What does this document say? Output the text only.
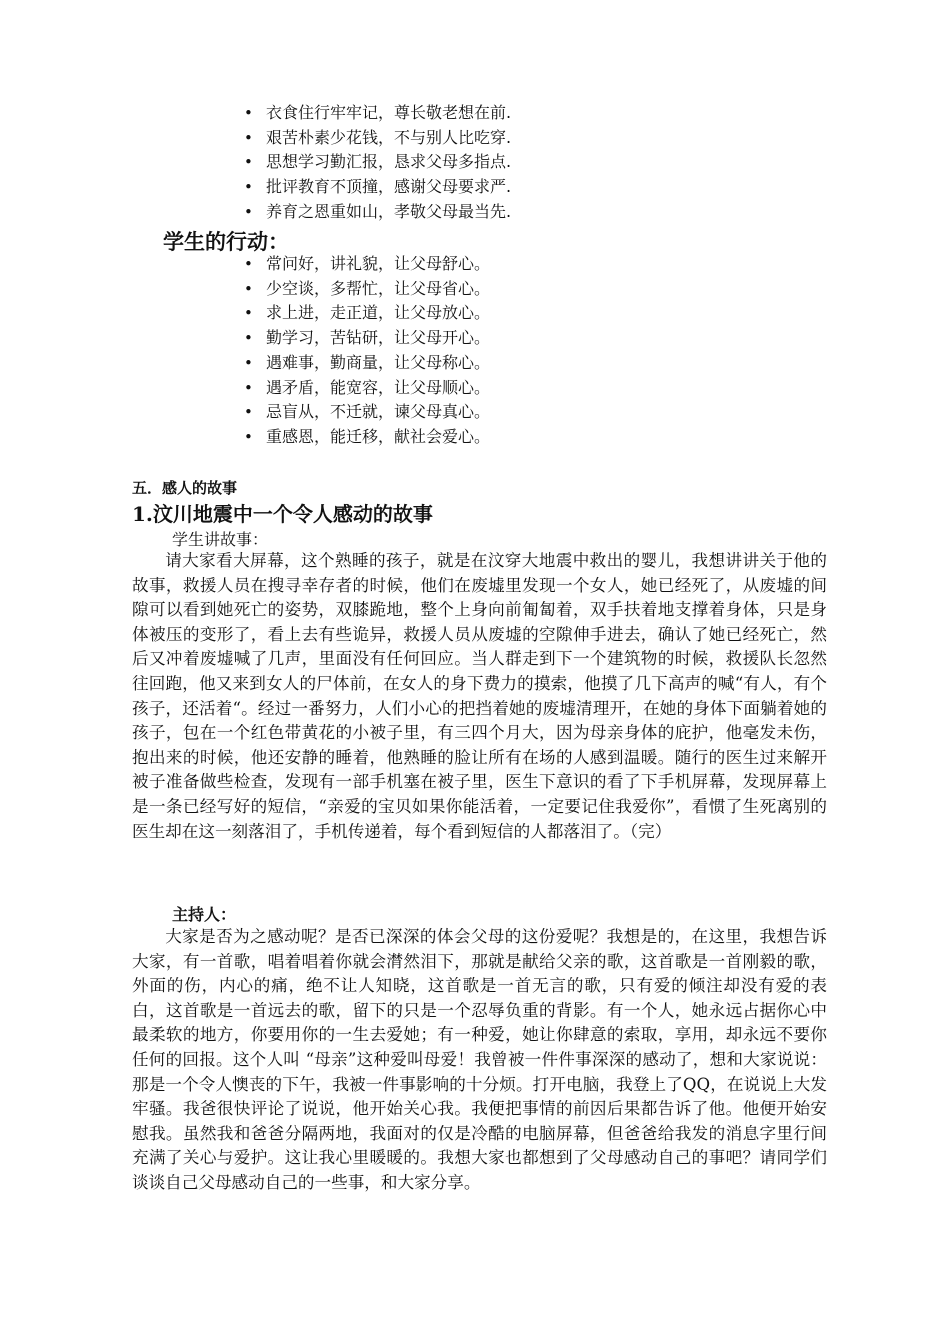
• 衣食住行牢牢记，尊长敬老想在前.
• 艰苦朴素少花钱，不与别人比吃穿.
• 思想学习勤汇报，恳求父母多指点.
• 批评教育不顶撞，感谢父母要求严.
• 养育之恩重如山，孝敬父母最当先.
学生的行动：
• 常问好，讲礼貌，让父母舒心。
• 少空谈，多帮忙，让父母省心。
• 求上进，走正道，让父母放心。
• 勤学习，苦钻研，让父母开心。
• 遇难事，勤商量，让父母称心。
• 遇矛盾，能宽容，让父母顺心。
• 忌盲从，不迁就，谏父母真心。
• 重感恩，能迁移，献社会爱心。
五．感人的故事
1.汶川地震中一个令人感动的故事
学生讲故事：

请大家看大屏幕，这个熟睡的孩子，就是在汶穿大地震中救出的婴儿，我想讲讲关于他的故事，救援人员在搜寻幸存者的时候，他们在废墟里发现一个女人，她已经死了，从废墟的间隙可以看到她死亡的姿势，双膝跪地，整个上身向前匍匐着，双手扶着地支撑着身体，只是身体被压的变形了，看上去有些诡异，救援人员从废墟的空隙伸手进去，确认了她已经死亡，然后又冲着废墟喊了几声，里面没有任何回应。当人群走到下一个建筑物的时候，救援队长忽然往回跑，他又来到女人的尸体前，在女人的身下费力的摸索，他摸了几下高声的喊“有人，有个孩子，还活着“。经过一番努力，人们小心的把挡着她的废墟清理开，在她的身体下面躺着她的孩子，包在一个红色带黄花的小被子里，有三四个月大，因为母亲身体的庇护，他毫发未伤，抱出来的时候，他还安静的睡着，他熟睡的脸让所有在场的人感到温暖。随行的医生过来解开被子准备做些检查，发现有一部手机塞在被子里，医生下意识的看了下手机屏幕，发现屏幕上是一条已经写好的短信，“亲爱的宝贝如果你能活着，一定要记住我爱你”，看惯了生死离别的医生却在这一刻落泪了，手机传递着，每个看到短信的人都落泪了。（完）

主持人：

大家是否为之感动呢？是否已深深的体会父母的这份爱呢？我想是的，在这里，我想告诉大家，有一首歌，唱着唱着你就会潸然泪下，那就是献给父亲的歌，这首歌是一首刚毅的歌，外面的伤，内心的痛，绝不让人知晓，这首歌是一首无言的歌，只有爱的倾注却没有爱的表白，这首歌是一首远去的歌，留下的只是一个忍辱负重的背影。有一个人，她永远占据你心中最柔软的地方，你要用你的一生去爱她；有一种爱，她让你肆意的索取，享用，却永远不要你任何的回报。这个人叫 “母亲”这种爱叫母爱！我曾被一件件事深深的感动了，想和大家说说：那是一个令人懊丧的下午，我被一件事影响的十分烦。打开电脑，我登上了QQ，在说说上大发牢骚。我爸很快评论了说说，他开始关心我。我便把事情的前因后果都告诉了他。他便开始安慰我。虽然我和爸爸分隔两地，我面对的仅是冷酷的电脑屏幕，但爸爸给我发的消息字里行间充满了关心与爱护。这让我心里暖暖的。我想大家也都想到了父母感动自己的事吧？请同学们谈谈自己父母感动自己的一些事，和大家分享。
